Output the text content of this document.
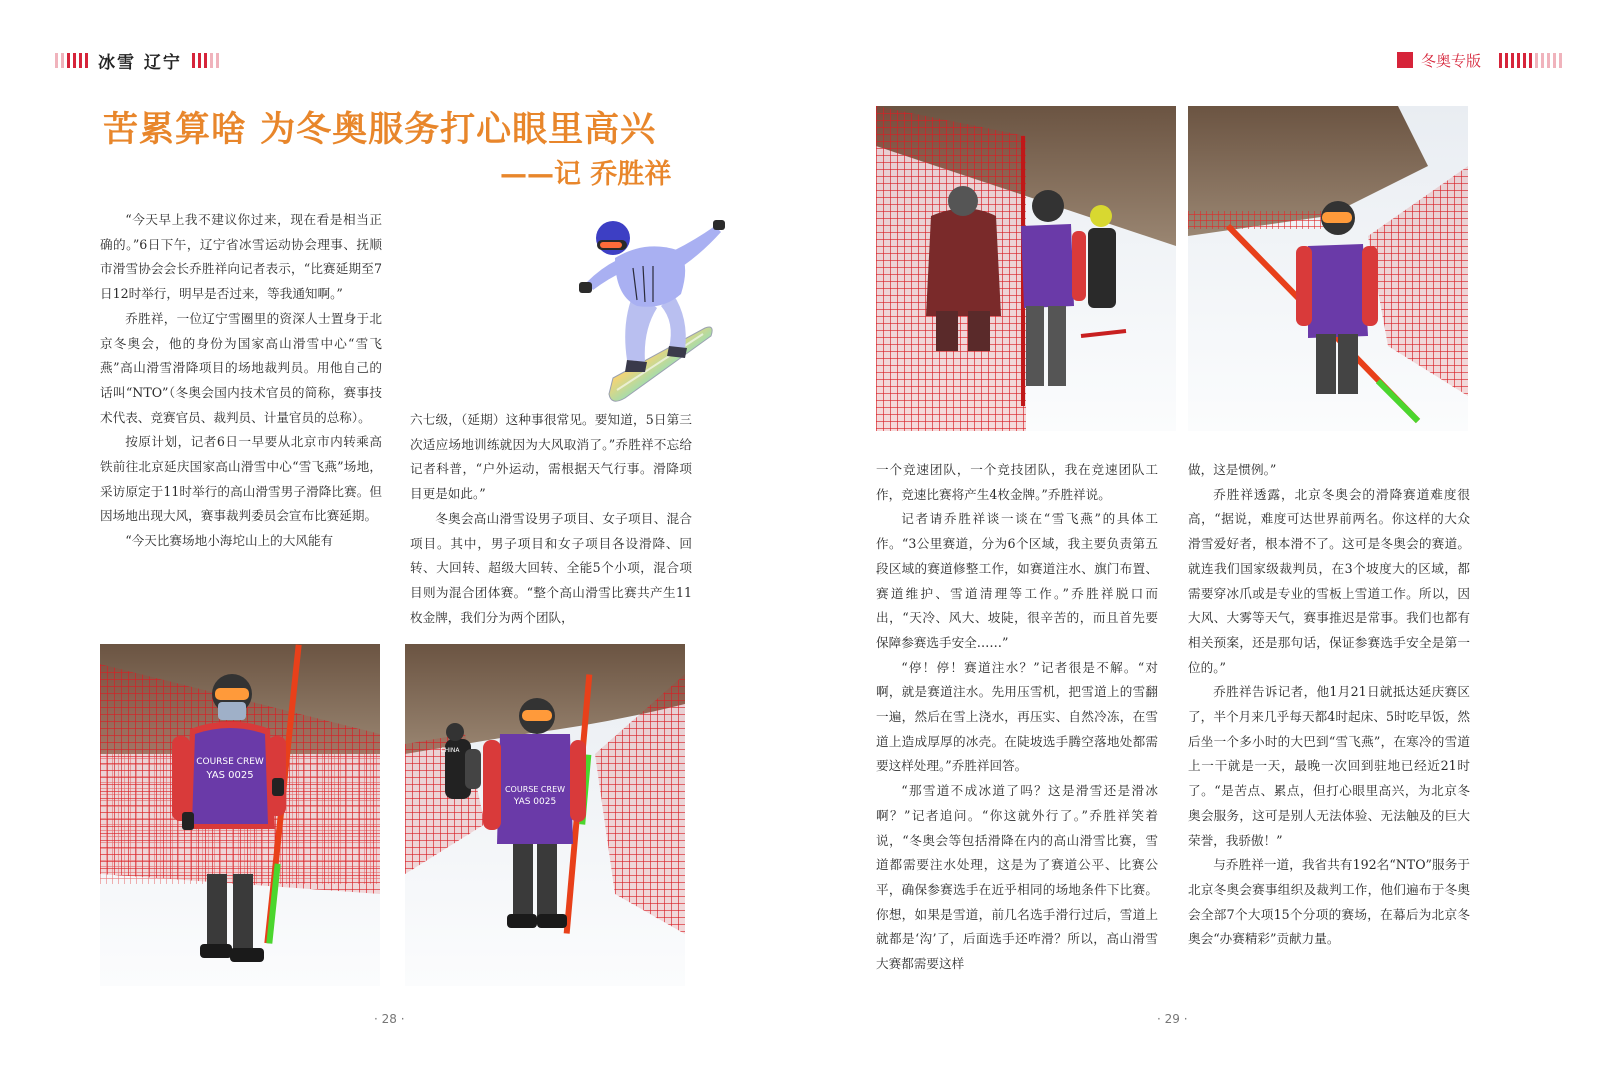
冰雪 辽宁	冬奥专版
苦累算啥 为冬奥服务打心眼里高兴
——记 乔胜祥

“今天早上我不建议你过来，现在看是相当正确的。”6日下午，辽宁省冰雪运动协会理事、抚顺市滑雪协会会长乔胜祥向记者表示，“比赛延期至7日12时举行，明早是否过来，等我通知啊。”

乔胜祥，一位辽宁雪圈里的资深人士置身于北京冬奥会，他的身份为国家高山滑雪中心“雪飞燕”高山滑雪滑降项目的场地裁判员。用他自己的话叫“NTO”（冬奥会国内技术官员的简称，赛事技术代表、竞赛官员、裁判员、计量官员的总称）。

按原计划，记者6日一早要从北京市内转乘高铁前往北京延庆国家高山滑雪中心“雪飞燕”场地，采访原定于11时举行的高山滑雪男子滑降比赛。但因场地出现大风，赛事裁判委员会宣布比赛延期。

“今天比赛场地小海坨山上的大风能有

六七级，（延期）这种事很常见。要知道，5日第三次适应场地训练就因为大风取消了。”乔胜祥不忘给记者科普，“户外运动，需根据天气行事。滑降项目更是如此。”

冬奥会高山滑雪设男子项目、女子项目、混合项目。其中，男子项目和女子项目各设滑降、回转、大回转、超级大回转、全能5个小项，混合项目则为混合团体赛。“整个高山滑雪比赛共产生11枚金牌，我们分为两个团队，

COURSE CREW
YAS 0025
CHINA
COURSE CREW
YAS 0025

一个竞速团队，一个竞技团队，我在竞速团队工作，竞速比赛将产生4枚金牌。”乔胜祥说。

记者请乔胜祥谈一谈在“雪飞燕”的具体工作。“3公里赛道，分为6个区域，我主要负责第五段区域的赛道修整工作，如赛道注水、旗门布置、赛道维护、雪道清理等工作。”乔胜祥脱口而出，“天冷、风大、坡陡，很辛苦的，而且首先要保障参赛选手安全……”

“停！停！赛道注水？”记者很是不解。“对啊，就是赛道注水。先用压雪机，把雪道上的雪翻一遍，然后在雪上浇水，再压实、自然冷冻，在雪道上造成厚厚的冰壳。在陡坡选手腾空落地处都需要这样处理。”乔胜祥回答。

“那雪道不成冰道了吗？这是滑雪还是滑冰啊？”记者追问。“你这就外行了。”乔胜祥笑着说，“冬奥会等包括滑降在内的高山滑雪比赛，雪道都需要注水处理，这是为了赛道公平、比赛公平，确保参赛选手在近乎相同的场地条件下比赛。你想，如果是雪道，前几名选手滑行过后，雪道上就都是‘沟’了，后面选手还咋滑？所以，高山滑雪大赛都需要这样

做，这是惯例。”

乔胜祥透露，北京冬奥会的滑降赛道难度很高，“据说，难度可达世界前两名。你这样的大众滑雪爱好者，根本滑不了。这可是冬奥会的赛道。就连我们国家级裁判员，在3个坡度大的区域，都需要穿冰爪或是专业的雪板上雪道工作。所以，因大风、大雾等天气，赛事推迟是常事。我们也都有相关预案，还是那句话，保证参赛选手安全是第一位的。”

乔胜祥告诉记者，他1月21日就抵达延庆赛区了，半个月来几乎每天都4时起床、5时吃早饭，然后坐一个多小时的大巴到“雪飞燕”，在寒冷的雪道上一干就是一天，最晚一次回到驻地已经近21时了。“是苦点、累点，但打心眼里高兴，为北京冬奥会服务，这可是别人无法体验、无法触及的巨大荣誉，我骄傲！”

与乔胜祥一道，我省共有192名“NTO”服务于北京冬奥会赛事组织及裁判工作，他们遍布于冬奥会全部7个大项15个分项的赛场，在幕后为北京冬奥会“办赛精彩”贡献力量。

· 28 ·	· 29 ·
